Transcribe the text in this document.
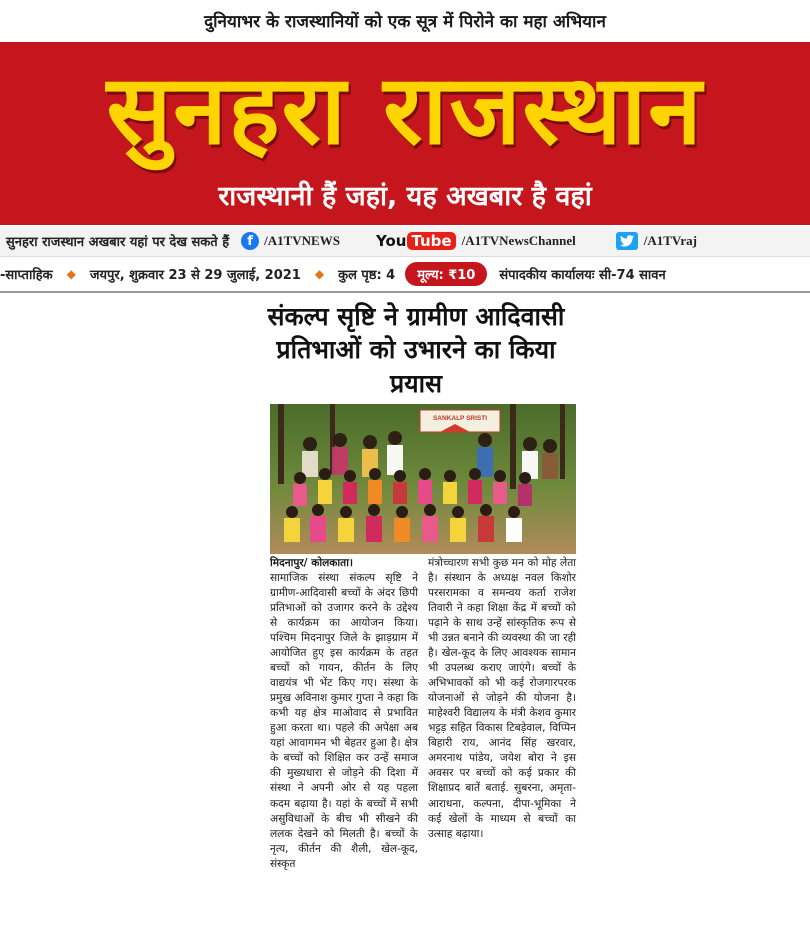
दुनियाभर के राजस्थानियों को एक सूत्र में पिरोने का महा अभियान
सुनहरा राजस्थान
राजस्थानी हैं जहां, यह अखबार है वहां
सुनहरा राजस्थान अखबार यहां पर देख सकते हैं	f /A1TVNEWS You Tube /A1TVNewsChannel	/A1TVraj
-साप्ताहिक ◆ जयपुर, शुक्रवार 23 से 29 जुलाई, 2021 ◆ कुल पृष्ठ: 4	मूल्य: ₹10	संपादकीय कार्यालयः सी-74 सावन
संकल्प सृष्टि ने ग्रामीण आदिवासी प्रतिभाओं को उभारने का किया प्रयास
SANKALP SRISTI
मिदनापुर/ कोलकाता।
सामाजिक संस्था संकल्प सृष्टि ने ग्रामीण-आदिवासी बच्चों के अंदर छिपी प्रतिभाओं को उजागर करने के उद्देश्य से कार्यक्रम का आयोजन किया। पश्चिम मिदनापुर जिले के झाड़ग्राम में आयोजित हुए इस कार्यक्रम के तहत बच्चों को गायन, कीर्तन के लिए वाद्ययंत्र भी भेंट किए गए। संस्था के प्रमुख अविनाश कुमार गुप्ता ने कहा कि कभी यह क्षेत्र माओवाद से प्रभावित हुआ करता था। पहले की अपेक्षा अब यहां आवागमन भी बेहतर हुआ है। क्षेत्र के बच्चों को शिक्षित कर उन्हें समाज की मुख्यधारा से जोड़ने की दिशा में संस्था ने अपनी ओर से यह पहला कदम बढ़ाया है। यहां के बच्चों में सभी असुविधाओं के बीच भी सीखने की ललक देखने को मिलती है। बच्चों के नृत्य, कीर्तन की शैली, खेल-कूद, संस्कृत
मंत्रोच्चारण सभी कुछ मन को मोह लेता है। संस्थान के अध्यक्ष नवल किशोर परसरामका व समन्वय कर्ता राजेश तिवारी ने कहा शिक्षा केंद्र में बच्चों को पढ़ाने के साथ उन्हें सांस्कृतिक रूप से भी उन्नत बनाने की व्यवस्था की जा रही है। खेल-कूद के लिए आवश्यक सामान भी उपलब्ध कराए जाएंगे। बच्चों के अभिभावकों को भी कई रोजगारपरक योजनाओं से जोड़ने की योजना है। माहेश्वरी विद्यालय के मंत्री केशव कुमार भट्टड़ सहित विकास टिबड़ेवाल, विप्पिन बिहारी राय, आनंद सिंह खरवार, अमरनाथ पांडेय, जयेश बोरा ने इस अवसर पर बच्चों को कई प्रकार की शिक्षाप्रद बातें बताई. सुबरना, अमृता- आराधना, कल्पना, दीपा-भूमिका ने कई खेलों के माध्यम से बच्चों का उत्साह बढ़ाया।
